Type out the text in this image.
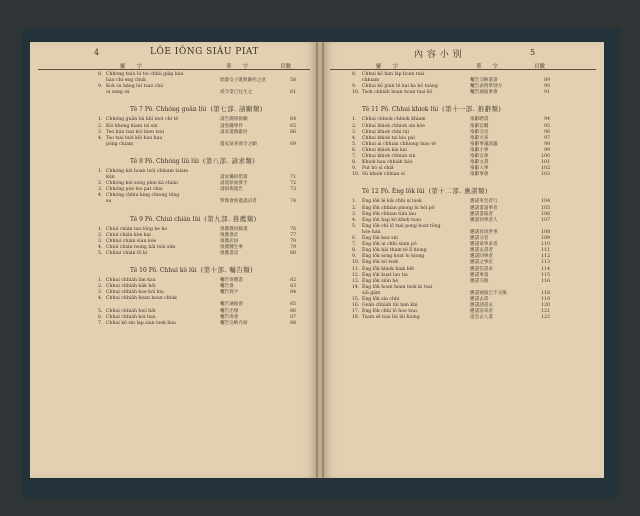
4	LÔE IÔNG SIÁU PIAT
羅　　字	華　　字	頁數
8. Chhong tsáu lú toi chhù giáp hàu
hàu chí eng chuk	娼婆女子既無歸托之意	58
9. Kok su háng lúi tsao chá
ui seng sú	戒令業已往生之	61
Tê 7 Pô. Chhóng guân lûi (第七部. 請願類)
1. Chhóng guân lúi khí mot chí tê	請告簡單接願	64
2. Kói khong kiam tsí sin	請免職事件	65
3. Teo háu tsai kói kien tsui	請求還舊辭居	66
4. Tso tsai tsói kôi hau hau
pông chiam	遺家某來發令之願	69
Tê 8 Pô. Chhóng liû lûi (第八部. 請求類)
1. Chhóng kói hoan tsói chhiam tsíam
kün	請求籌捐借資	71
2. Chhóng kói song phin kà chián	請還原面發手	72
3. Chhóng póe tso pat chia	請捐佈施告	73
4. Chhóng chhiu king chiong tông
su	對教會經過談討者	74
Tê 9 Pô. Chiuí chián lûi (第九部. 推薦類)
1. Chiuí chián tsa tông ke ho	推薦教員錄書	76
2. Chiuí chián kòe kaí	推薦會計	77
3. Chhiuí chian sian kóe	推薦店員	78
4. Chiuí chián tsong hài tsúi sím	推薦醫生事	79
5. Chhiuí chián tô kí	推薦書記	80
Tê 10 Pô. Chhui kô lûi (第十部. 囑告類)
1. Chhui chhiáh lim kau	囑告寄贈書	82
2. Chhui chhiáh bâk hôi	囑告會	83
3. Chhui chhiáh koe kói kiu	囑告寫字	84
4. Chhui chhiáh hoan hoan chiuk
囑告通報會	85
5. Chhui chhiáh hwi hât	囑告出發	86
6. Chhui chhiáh koi tsai	囑告寄會	87
7. Chhui kô sin lap sian tsek liau	囑告交納介紹	88
5
內 容 小 別
羅　　字	華　　字	頁數
8. Chhui kô han lap hoan tsái
chhiam	囑告交納還書	89
9. Chhui kô piàn tê kai ka bô toâng	囑告表明單別方	90
10. Tsok chhiáh hoan hoan tsai kô	囑告通報事會	91
Tê 11 Pô. Chhui khiok lûi (第十一部. 推辭類)
1. Chhui chhiok chhiok khiam	推辭聘書	94
2. Chhui khiok chhiok sin kóe	推辭官職	95
3. Chhui khiok chhi tái	推辭交見	96
4. Chhui khiok tai kiu pai	推辭方來	97
5. Chhui ai chhian chhiong tsao tè	推辭事議請議	98
6. Chhui khiok kái kai	推辭小事	99
7. Chhui khiok chhian sin	推辭官會	100
8. Khiok hau chhiáh báu	推辭文書	101
9. Put hò sí chiâ	推辭人事	102
10. Sû khiok chhian sí	推辭事會	103
Tê 12 Pô. Èng lôk lûi (第十二部. 應諾類)
1. Èng lôk lé lok chhí sí tsok	應諾來会者行	104
2. Èng lôk chhian phong lú hói pô	應諾書請事者	105
3. Èng lôk chhian tiân lau	應諾書報者	106
4. Èng lôk hap kò kheh tsau	應諾何事者人	107
5. Èng lôk chî lô tsai pong hoat tông
hóe hán	應諾貢同世事	108
6. Èng lôk kau sin	應諾交者	109
7. Èng lôk ui chhi siam pô	應諾某事求者	110
8. Èng lôk hài tham tê lî hiong	應諾去書者	111
9. Èng lôk song hoat lo hiong	應諾同事者	112
10. Èng lôk tsí tsok	應諾之事定	113
11. Èng lôk khiok kiak bêt	應諾信書求	114
12. Èng lôk kuat lau tiu	應諾事請	115
13. Èng lôk siùn hè	應諾交換	116
14. Èng lôk hoan hoan tsok ki tsai
siû gâm	應諾通報已不交換	118
15. Èng lôk sin chhi	應諾去書	119
16. Goân chhiáh tâi hán khì	應諾請書去	120
17. Èng lôk chhi lô hoe tsui	應諾前來者	121
18. Tsam sê tsai liú lâi hiong	還会去人書	122
